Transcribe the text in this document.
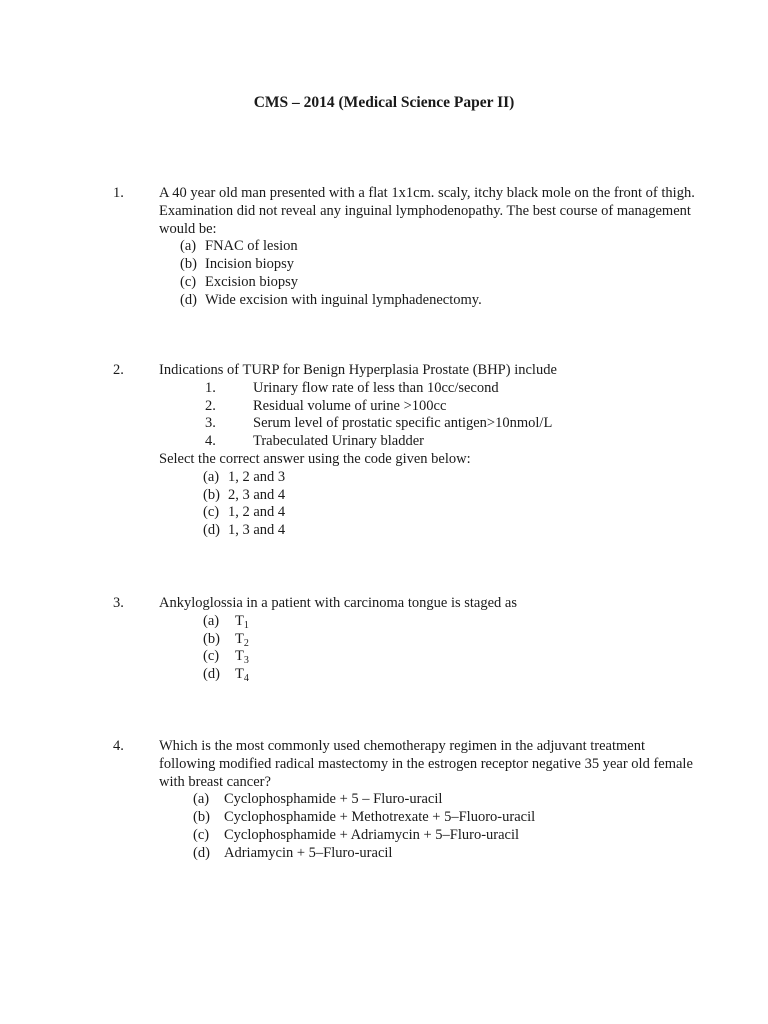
CMS – 2014 (Medical Science Paper II)
1. A 40 year old man presented with a flat 1x1cm. scaly, itchy black mole on the front of thigh. Examination did not reveal any inguinal lymphodenopathy. The best course of management would be:

(a) FNAC of lesion
(b) Incision biopsy
(c) Excision biopsy
(d) Wide excision with inguinal lymphadenectomy.
2. Indications of TURP for Benign Hyperplasia Prostate (BHP) include

1.	Urinary flow rate of less than 10cc/second
2.	Residual volume of urine >100cc
3.	Serum level of prostatic specific antigen>10nmol/L
4.	Trabeculated Urinary bladder

Select the correct answer using the code given below:

(a) 1, 2 and 3
(b) 2, 3 and 4
(c) 1, 2 and 4
(d) 1, 3 and 4
3. Ankyloglossia in a patient with carcinoma tongue is staged as

(a)	$T_1$
(b)	$T_2$
(c)	$T_3$
(d)	$T_4$
4. Which is the most commonly used chemotherapy regimen in the adjuvant treatment following modified radical mastectomy in the estrogen receptor negative 35 year old female with breast cancer?

(a)	Cyclophosphamide + 5 – Fluro-uracil
(b) Cyclophosphamide + Methotrexate + 5–Fluoro-uracil
(c)	Cyclophosphamide + Adriamycin + 5–Fluro-uracil
(d) Adriamycin + 5–Fluro-uracil
